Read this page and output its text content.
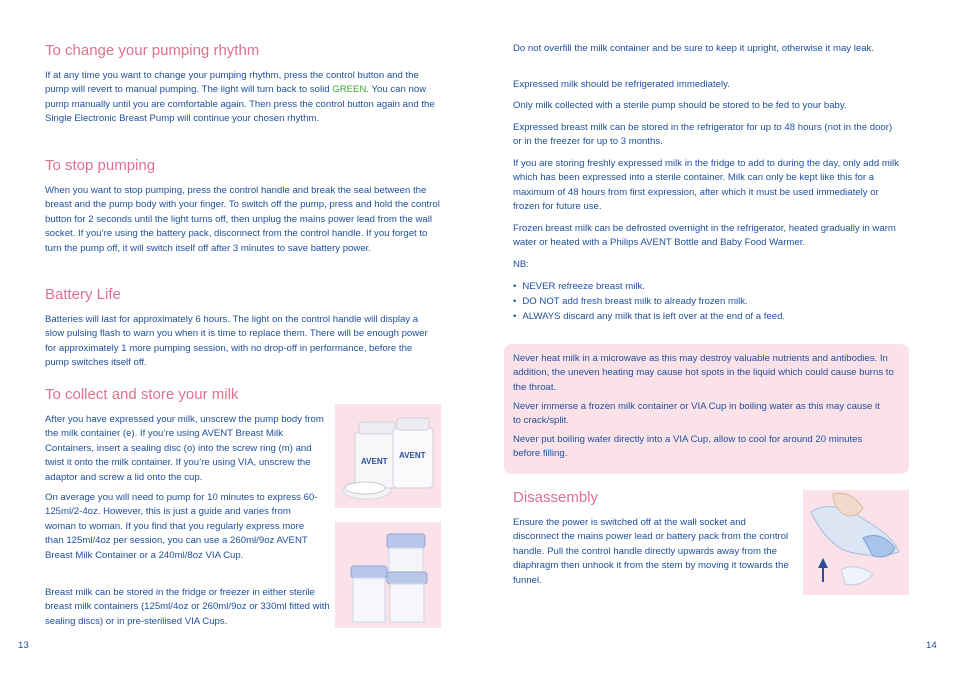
To change your pumping rhythm

If at any time you want to change your pumping rhythm, press the control button and the pump will revert to manual pumping. The light will turn back to solid GREEN. You can now pump manually until you are comfortable again. Then press the control button again and the Single Electronic Breast Pump will continue your chosen rhythm.

To stop pumping

When you want to stop pumping, press the control handle and break the seal between the breast and the pump body with your finger. To switch off the pump, press and hold the control button for 2 seconds until the light turns off, then unplug the mains power lead from the wall socket. If you’re using the battery pack, disconnect from the control handle. If you forget to turn the pump off, it will switch itself off after 3 minutes to save battery power.

Battery Life

Batteries will last for approximately 6 hours. The light on the control handle will display a slow pulsing flash to warn you when it is time to replace them. There will be enough power for approximately 1 more pumping session, with no drop-off in performance, before the pump switches itself off.

To collect and store your milk

After you have expressed your milk, unscrew the pump body from the milk container (e). If you’re using AVENT Breast Milk Containers, insert a sealing disc (o) into the screw ring (m) and twist it onto the milk container. If you’re using VIA, unscrew the adaptor and screw a lid onto the cup.

On average you will need to pump for 10 minutes to express 60-125ml/2-4oz. However, this is just a guide and varies from woman to woman. If you find that you regularly express more than 125ml/4oz per session, you can use a 260ml/9oz AVENT Breast Milk Container or a 240ml/8oz VIA Cup.

Breast milk can be stored in the fridge or freezer in either sterile breast milk containers (125ml/4oz or 260ml/9oz or 330ml fitted with sealing discs) or in pre-sterilised VIA Cups.

AVENT
AVENT
13

Do not overfill the milk container and be sure to keep it upright, otherwise it may leak.

Expressed milk should be refrigerated immediately.

Only milk collected with a sterile pump should be stored to be fed to your baby.

Expressed breast milk can be stored in the refrigerator for up to 48 hours (not in the door) or in the freezer for up to 3 months.

If you are storing freshly expressed milk in the fridge to add to during the day, only add milk which has been expressed into a sterile container. Milk can only be kept like this for a maximum of 48 hours from first expression, after which it must be used immediately or frozen for future use.

Frozen breast milk can be defrosted overnight in the refrigerator, heated gradually in warm water or heated with a Philips AVENT Bottle and Baby Food Warmer.

NB:

• NEVER refreeze breast milk.
• DO NOT add fresh breast milk to already frozen milk.
• ALWAYS discard any milk that is left over at the end of a feed.

Never heat milk in a microwave as this may destroy valuable nutrients and antibodies. In addition, the uneven heating may cause hot spots in the liquid which could cause burns to the throat.

Never immerse a frozen milk container or VIA Cup in boiling water as this may cause it to crack/split.

Never put boiling water directly into a VIA Cup, allow to cool for around 20 minutes before filling.

Disassembly

Ensure the power is switched off at the wall socket and disconnect the mains power lead or battery pack from the control handle. Pull the control handle directly upwards away from the diaphragm then unhook it from the stem by moving it towards the funnel.

14
